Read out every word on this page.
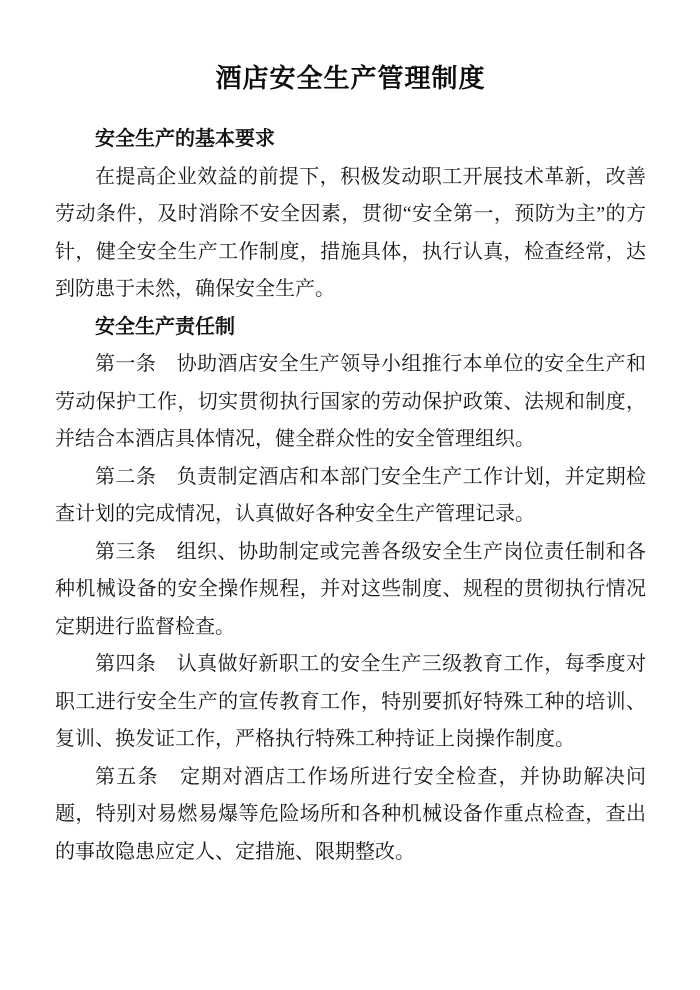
酒店安全生产管理制度
安全生产的基本要求

在提高企业效益的前提下，积极发动职工开展技术革新，改善劳动条件，及时消除不安全因素，贯彻“安全第一，预防为主”的方针，健全安全生产工作制度，措施具体，执行认真，检查经常，达到防患于未然，确保安全生产。

安全生产责任制

第一条　协助酒店安全生产领导小组推行本单位的安全生产和劳动保护工作，切实贯彻执行国家的劳动保护政策、法规和制度，并结合本酒店具体情况，健全群众性的安全管理组织。

第二条　负责制定酒店和本部门安全生产工作计划，并定期检查计划的完成情况，认真做好各种安全生产管理记录。

第三条　组织、协助制定或完善各级安全生产岗位责任制和各种机械设备的安全操作规程，并对这些制度、规程的贯彻执行情况定期进行监督检查。

第四条　认真做好新职工的安全生产三级教育工作，每季度对职工进行安全生产的宣传教育工作，特别要抓好特殊工种的培训、复训、换发证工作，严格执行特殊工种持证上岗操作制度。

第五条　定期对酒店工作场所进行安全检查，并协助解决问题，特别对易燃易爆等危险场所和各种机械设备作重点检查，查出的事故隐患应定人、定措施、限期整改。
